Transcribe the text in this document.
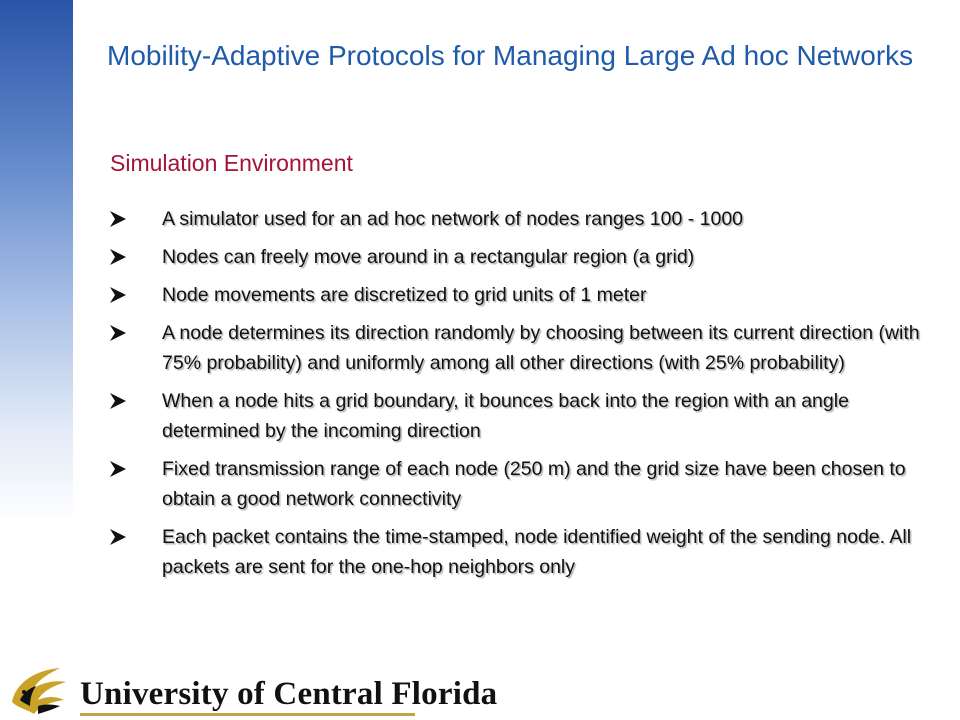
Mobility-Adaptive Protocols for Managing Large Ad hoc Networks
Simulation Environment
A simulator used for an ad hoc network of nodes ranges 100 - 1000
Nodes can freely move around in a rectangular region (a grid)
Node movements are discretized to grid units of 1 meter
A node determines its direction randomly by choosing between its current direction (with 75% probability) and uniformly among all other directions (with 25% probability)
When a node hits a grid boundary, it bounces back into the region with an angle determined by the incoming direction
Fixed transmission range of each node (250 m) and the grid size have been chosen to obtain a good network connectivity
Each packet contains the time-stamped, node identified weight of the sending node. All packets are sent for the one-hop neighbors only
University of Central Florida
